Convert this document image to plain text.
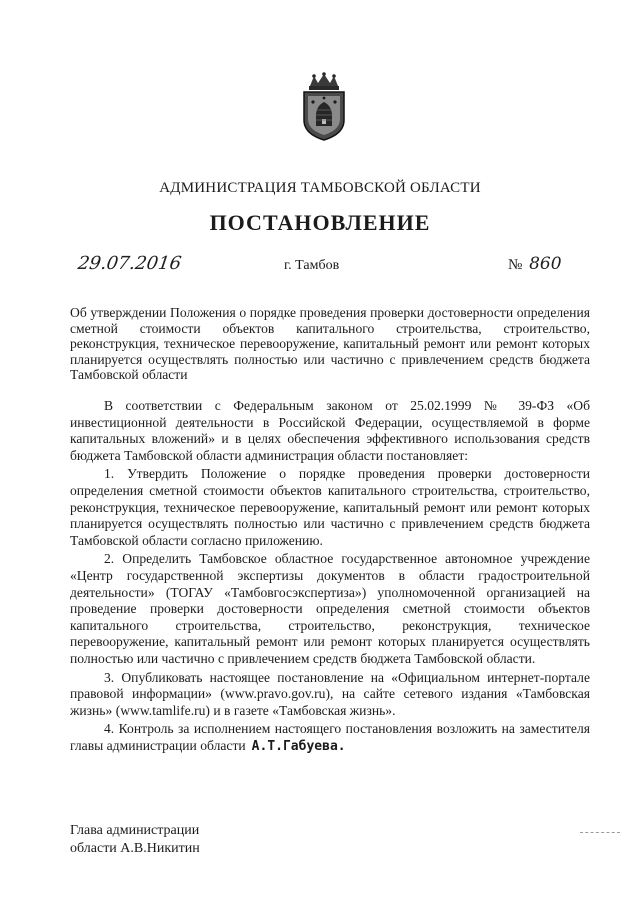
АДМИНИСТРАЦИЯ ТАМБОВСКОЙ ОБЛАСТИ
ПОСТАНОВЛЕНИЕ
29.07.2016	г. Тамбов	№ 860

Об утверждении Положения о порядке проведения проверки достоверности определения сметной стоимости объектов капитального строительства, строительство, реконструкция, техническое перевооружение, капитальный ремонт или ремонт которых планируется осуществлять полностью или частично с привлечением средств бюджета Тамбовской области

В соответствии с Федеральным законом от 25.02.1999 № 39-ФЗ «Об инвестиционной деятельности в Российской Федерации, осуществляемой в форме капитальных вложений» и в целях обеспечения эффективного использования средств бюджета Тамбовской области администрация области постановляет:

1. Утвердить Положение о порядке проведения проверки достоверности определения сметной стоимости объектов капитального строительства, строительство, реконструкция, техническое перевооружение, капитальный ремонт или ремонт которых планируется осуществлять полностью или частично с привлечением средств бюджета Тамбовской области согласно приложению.

2. Определить Тамбовское областное государственное автономное учреждение «Центр государственной экспертизы документов в области градостроительной деятельности» (ТОГАУ «Тамбовгосэкспертиза») уполномоченной организацией на проведение проверки достоверности определения сметной стоимости объектов капитального строительства, строительство, реконструкция, техническое перевооружение, капитальный ремонт или ремонт которых планируется осуществлять полностью или частично с привлечением средств бюджета Тамбовской области.

3. Опубликовать настоящее постановление на «Официальном интернет-портале правовой информации» (www.pravo.gov.ru), на сайте сетевого издания «Тамбовская жизнь» (www.tamlife.ru) и в газете «Тамбовская жизнь».

4. Контроль за исполнением настоящего постановления возложить на заместителя главы администрации области А.Т.Габуева.

Глава администрации
области А.В.Никитин
